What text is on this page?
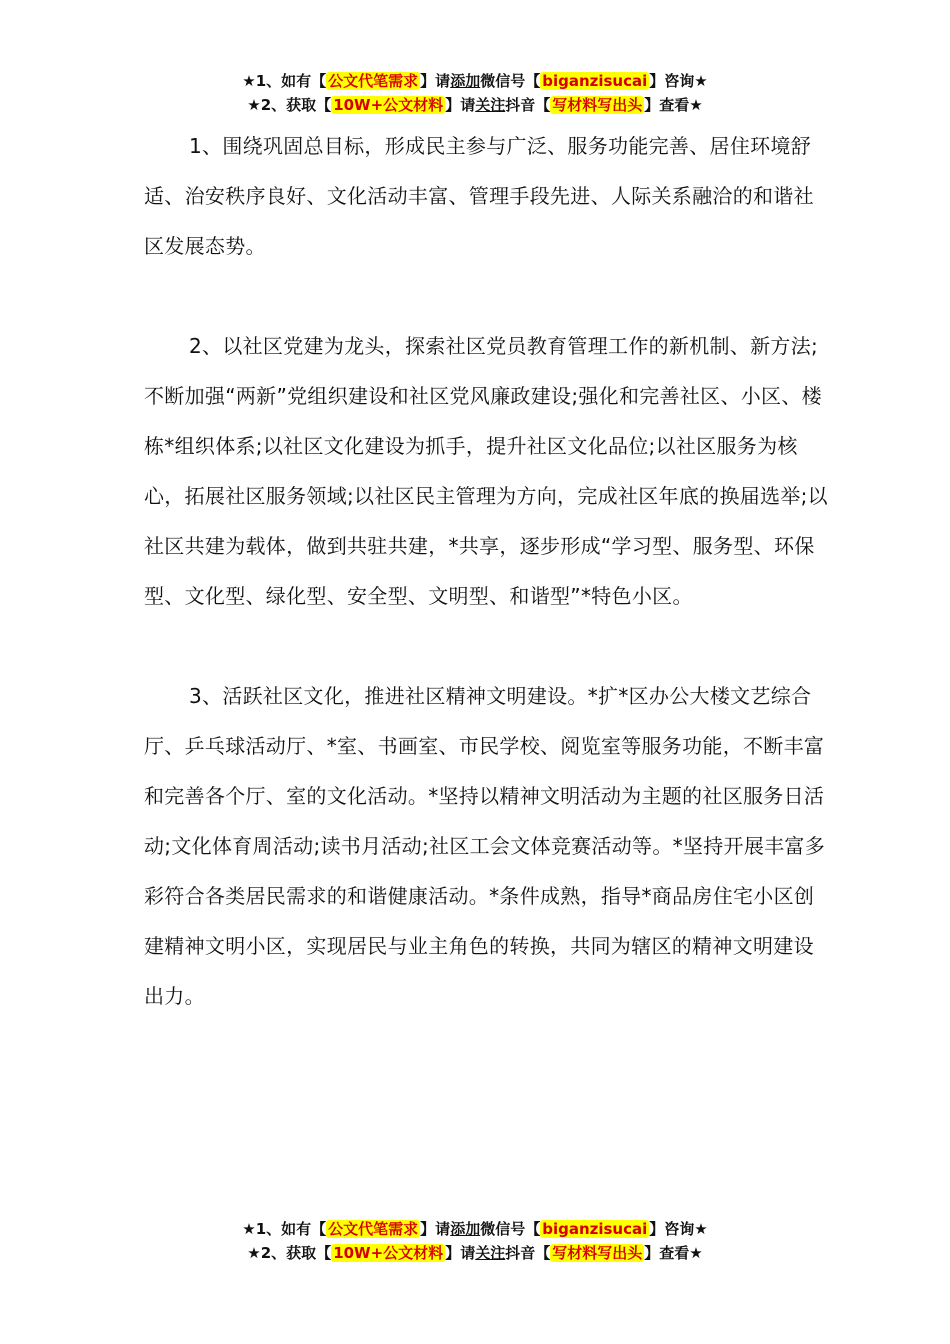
★1、如有【 公文代笔需求 】请添加微信号【 biganzisucai 】咨询★
★2、获取【 10W+公文材料 】请关注抖音【 写材料写出头 】查看★

1、围绕巩固总目标，形成民主参与广泛、服务功能完善、居住环境舒适、治安秩序良好、文化活动丰富、管理手段先进、人际关系融洽的和谐社区发展态势。

2、以社区党建为龙头，探索社区党员教育管理工作的新机制、新方法;不断加强“两新”党组织建设和社区党风廉政建设;强化和完善社区、小区、楼栋*组织体系;以社区文化建设为抓手，提升社区文化品位;以社区服务为核心，拓展社区服务领域;以社区民主管理为方向，完成社区年底的换届选举;以社区共建为载体，做到共驻共建，*共享，逐步形成“学习型、服务型、环保型、文化型、绿化型、安全型、文明型、和谐型”*特色小区。

3、活跃社区文化，推进社区精神文明建设。*扩*区办公大楼文艺综合厅、乒乓球活动厅、*室、书画室、市民学校、阅览室等服务功能，不断丰富和完善各个厅、室的文化活动。*坚持以精神文明活动为主题的社区服务日活动;文化体育周活动;读书月活动;社区工会文体竞赛活动等。*坚持开展丰富多彩符合各类居民需求的和谐健康活动。*条件成熟，指导*商品房住宅小区创建精神文明小区，实现居民与业主角色的转换，共同为辖区的精神文明建设出力。

★1、如有【 公文代笔需求 】请添加微信号【 biganzisucai 】咨询★
★2、获取【 10W+公文材料 】请关注抖音【 写材料写出头 】查看★
